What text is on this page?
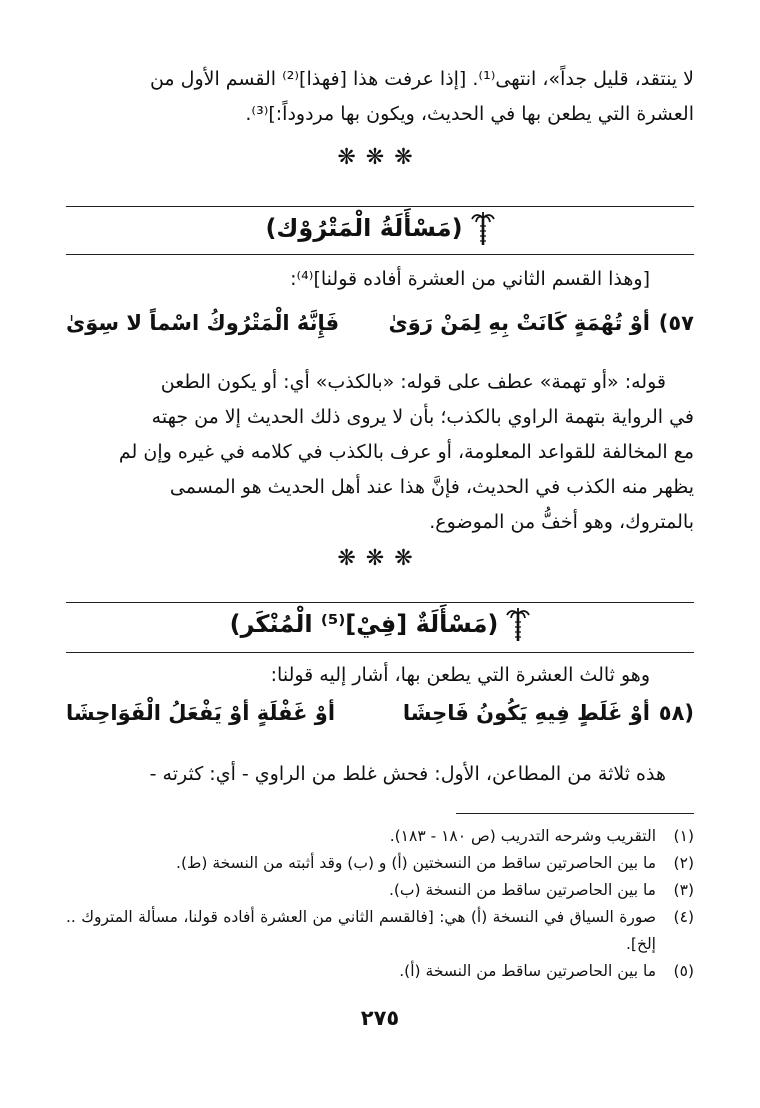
لا ينتقد، قليل جداً»، انتهى⁽¹⁾. [إذا عرفت هذا [فهذا]⁽²⁾ القسم الأول من
العشرة التي يطعن بها في الحديث، ويكون بها مردوداً:]⁽³⁾.
❋❋❋
(مَسْأَلَةُ الْمَتْرُوْك)
[وهذا القسم الثاني من العشرة أفاده قولنا]⁽⁴⁾:
٥٧)
أوْ تُهْمَةٍ كَانَتْ بِهِ لِمَنْ رَوَىٰ
فَإِنَّهُ الْمَتْرُوكُ اسْماً لا سِوَىٰ
قوله: «أو تهمة» عطف على قوله: «بالكذب» أي: أو يكون الطعن
في الرواية بتهمة الراوي بالكذب؛ بأن لا يروى ذلك الحديث إلا من جهته
مع المخالفة للقواعد المعلومة، أو عرف بالكذب في كلامه في غيره وإن لم
يظهر منه الكذب في الحديث، فإنَّ هذا عند أهل الحديث هو المسمى
بالمتروك، وهو أخفُّ من الموضوع.
❋❋❋
(مَسْأَلَةٌ [فِيْ]⁽⁵⁾ الْمُنْكَر)
وهو ثالث العشرة التي يطعن بها، أشار إليه قولنا:
(٥٨
أوْ غَلَطٍ فِيهِ يَكُونُ فَاحِشَا
أوْ غَفْلَةٍ أوْ يَفْعَلُ الْفَوَاحِشَا
هذه ثلاثة من المطاعن، الأول: فحش غلط من الراوي - أي: كثرته -
(١)
التقريب وشرحه التدريب (ص ١٨٠ - ١٨٣).
(٢)
ما بين الحاصرتين ساقط من النسختين (أ) و (ب) وقد أثبته من النسخة (ط).
(٣)
ما بين الحاصرتين ساقط من النسخة (ب).
(٤)
صورة السياق في النسخة (أ) هي: [فالقسم الثاني من العشرة أفاده قولنا، مسألة المتروك .. إلخ].
(٥)
ما بين الحاصرتين ساقط من النسخة (أ).
٢٧٥
